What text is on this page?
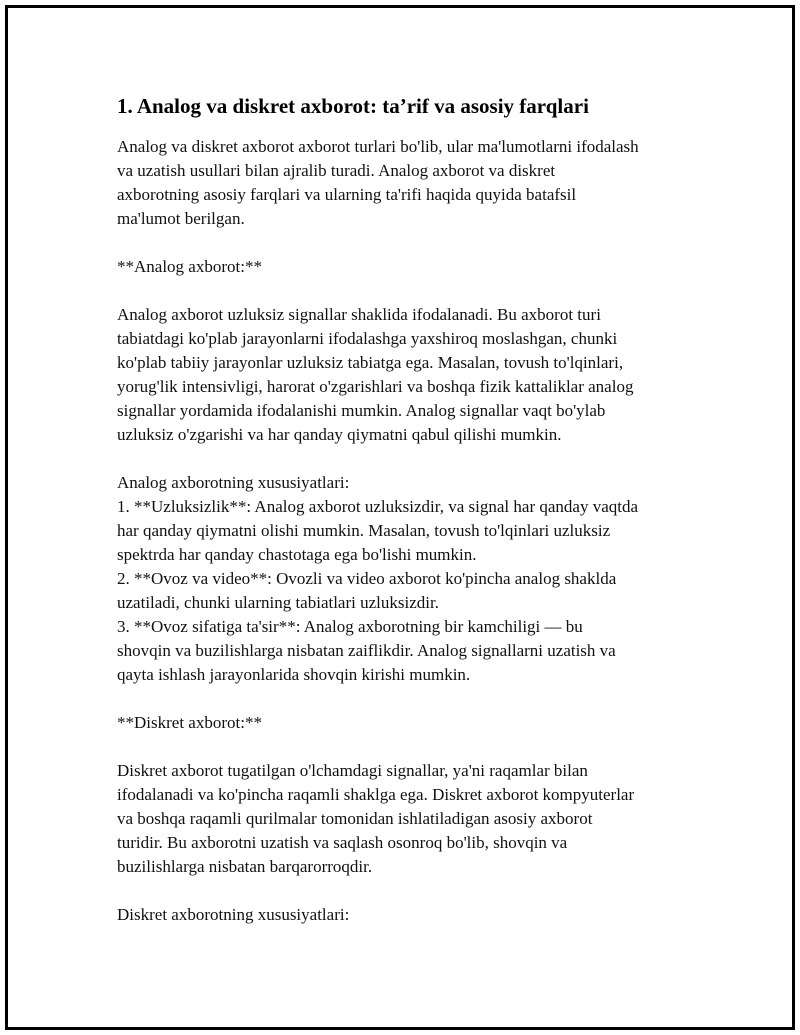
1. Analog va diskret axborot: ta’rif va asosiy farqlari

Analog va diskret axborot axborot turlari bo'lib, ular ma'lumotlarni ifodalash
va uzatish usullari bilan ajralib turadi. Analog axborot va diskret
axborotning asosiy farqlari va ularning ta'rifi haqida quyida batafsil
ma'lumot berilgan.

**Analog axborot:**

Analog axborot uzluksiz signallar shaklida ifodalanadi. Bu axborot turi
tabiatdagi ko'plab jarayonlarni ifodalashga yaxshiroq moslashgan, chunki
ko'plab tabiiy jarayonlar uzluksiz tabiatga ega. Masalan, tovush to'lqinlari,
yorug'lik intensivligi, harorat o'zgarishlari va boshqa fizik kattaliklar analog
signallar yordamida ifodalanishi mumkin. Analog signallar vaqt bo'ylab
uzluksiz o'zgarishi va har qanday qiymatni qabul qilishi mumkin.

Analog axborotning xususiyatlari:
1. **Uzluksizlik**: Analog axborot uzluksizdir, va signal har qanday vaqtda
har qanday qiymatni olishi mumkin. Masalan, tovush to'lqinlari uzluksiz
spektrda har qanday chastotaga ega bo'lishi mumkin.
2. **Ovoz va video**: Ovozli va video axborot ko'pincha analog shaklda
uzatiladi, chunki ularning tabiatlari uzluksizdir.
3. **Ovoz sifatiga ta'sir**: Analog axborotning bir kamchiligi — bu
shovqin va buzilishlarga nisbatan zaiflikdir. Analog signallarni uzatish va
qayta ishlash jarayonlarida shovqin kirishi mumkin.

**Diskret axborot:**

Diskret axborot tugatilgan o'lchamdagi signallar, ya'ni raqamlar bilan
ifodalanadi va ko'pincha raqamli shaklga ega. Diskret axborot kompyuterlar
va boshqa raqamli qurilmalar tomonidan ishlatiladigan asosiy axborot
turidir. Bu axborotni uzatish va saqlash osonroq bo'lib, shovqin va
buzilishlarga nisbatan barqarorroqdir.

Diskret axborotning xususiyatlari:
